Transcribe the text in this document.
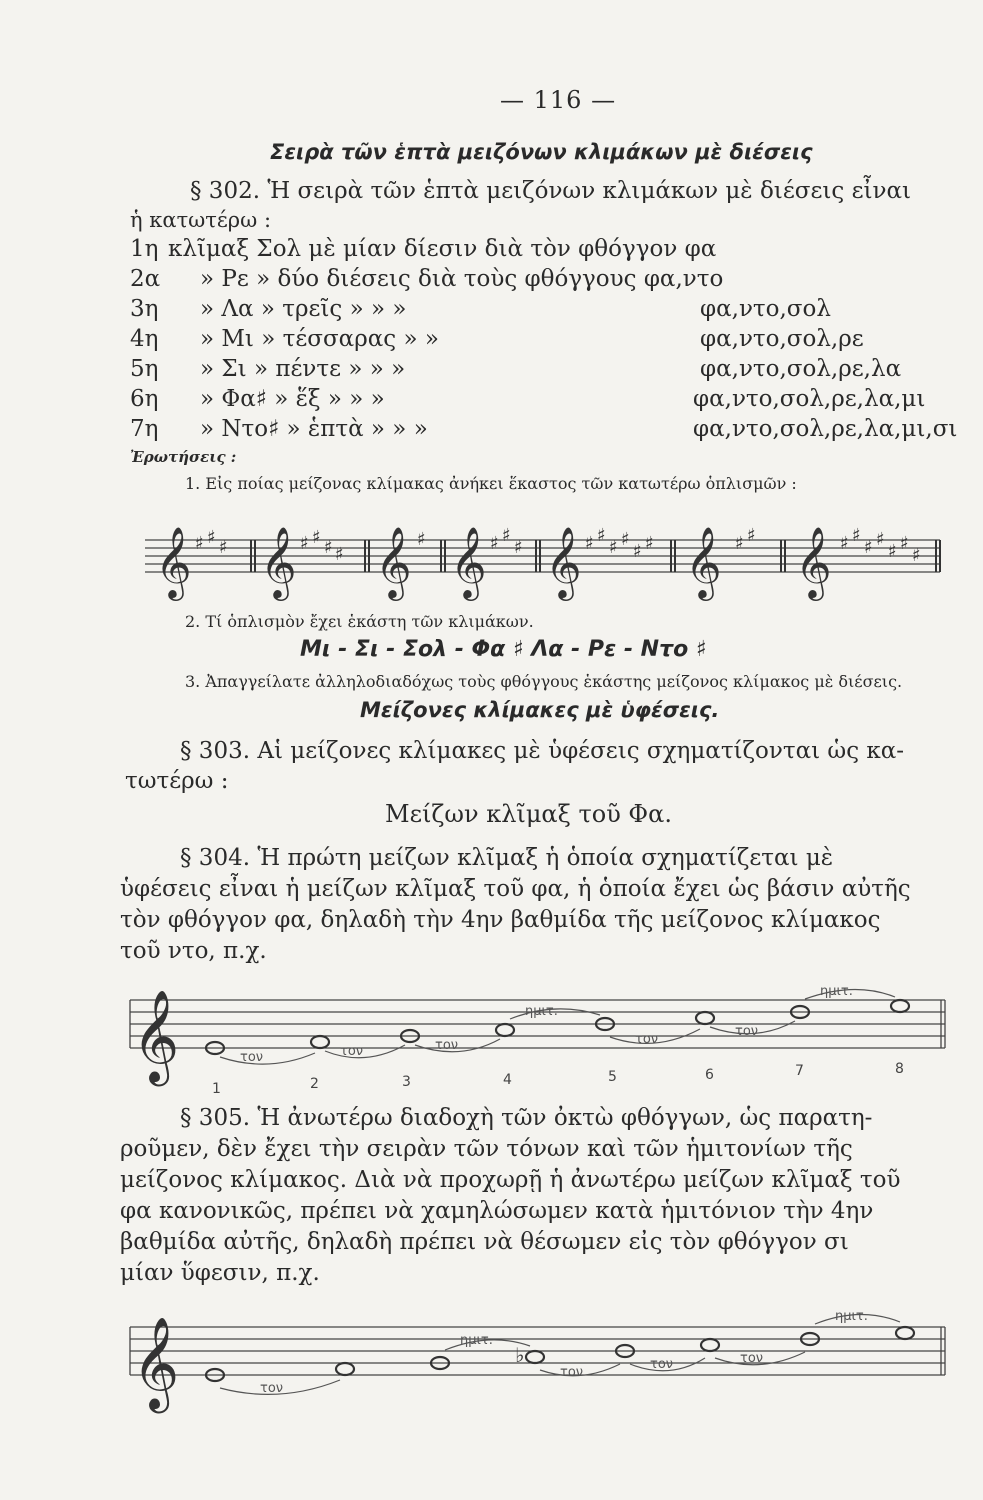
— 116 —
Σειρὰ τῶν ἑπτὰ μειζόνων κλιμάκων μὲ διέσεις
§ 302. Ἡ σειρὰ τῶν ἑπτὰ μειζόνων κλιμάκων μὲ διέσεις εἶναι
ἡ κατωτέρω :
1η κλῖμαξ Σολ μὲ μίαν δίεσιν διὰ τὸν φθόγγον φα
2α » Ρε » δύο διέσεις διὰ τοὺς φθόγγους φα,ντο
3η » Λα » τρεῖς » » »	φα,ντο,σολ
4η » Μι » τέσσαρας » »	φα,ντο,σολ,ρε
5η » Σι » πέντε » » »	φα,ντο,σολ,ρε,λα
6η » Φα♯ » ἕξ » » »	φα,ντο,σολ,ρε,λα,μι
7η » Ντο♯ » ἑπτὰ » » »	φα,ντο,σολ,ρε,λα,μι,σι
Ἐρωτήσεις :
1. Εἰς ποίας μείζονας κλίμακας ἀνήκει ἕκαστος τῶν κατωτέρω ὁπλισμῶν :
𝄞 𝄞 𝄞 𝄞 𝄞 𝄞 𝄞
♯ ♯ ♯	♯ ♯ ♯ ♯
♯	♯ ♯
♯	♯ ♯
♯ ♯
♯ ♯	♯ ♯	♯ ♯
♯ ♯
♯ ♯
♯
2. Τί ὁπλισμὸν ἔχει ἑκάστη τῶν κλιμάκων.
Μι - Σι - Σολ - Φα ♯ Λα - Ρε - Ντο ♯
3. Ἀπαγγείλατε ἀλληλοδιαδόχως τοὺς φθόγγους ἑκάστης μείζονος κλίμακος μὲ διέσεις.
Μείζονες κλίμακες μὲ ὑφέσεις.
§ 303. Αἱ μείζονες κλίμακες μὲ ὑφέσεις σχηματίζονται ὡς κα-
τωτέρω :
Μείζων κλῖμαξ τοῦ Φα.
§ 304. Ἡ πρώτη μείζων κλῖμαξ ἡ ὁποία σχηματίζεται μὲ
ὑφέσεις εἶναι ἡ μείζων κλῖμαξ τοῦ φα, ἡ ὁποία ἔχει ὡς βάσιν αὐτῆς
τὸν φθόγγον φα, δηλαδὴ τὴν 4ην βαθμίδα τῆς μείζονος κλίμακος
τοῦ ντο, π.χ.
𝄞	τον	τον	τον
ημιτ.
τον
τον
ημιτ.
1	2	3	4	5	6	7	8
§ 305. Ἡ ἀνωτέρω διαδοχὴ τῶν ὀκτὼ φθόγγων, ὡς παρατη-
ροῦμεν, δὲν ἔχει τὴν σειρὰν τῶν τόνων καὶ τῶν ἡμιτονίων τῆς
μείζονος κλίμακος. Διὰ νὰ προχωρῇ ἡ ἀνωτέρω μείζων κλῖμαξ τοῦ
φα κανονικῶς, πρέπει νὰ χαμηλώσωμεν κατὰ ἡμιτόνιον τὴν 4ην
βαθμίδα αὐτῆς, δηλαδὴ πρέπει νὰ θέσωμεν εἰς τὸν φθόγγον σι
μίαν ὕφεσιν, π.χ.
𝄞	♭
τον
ημιτ.
τον
τον	τον
ημιτ.
